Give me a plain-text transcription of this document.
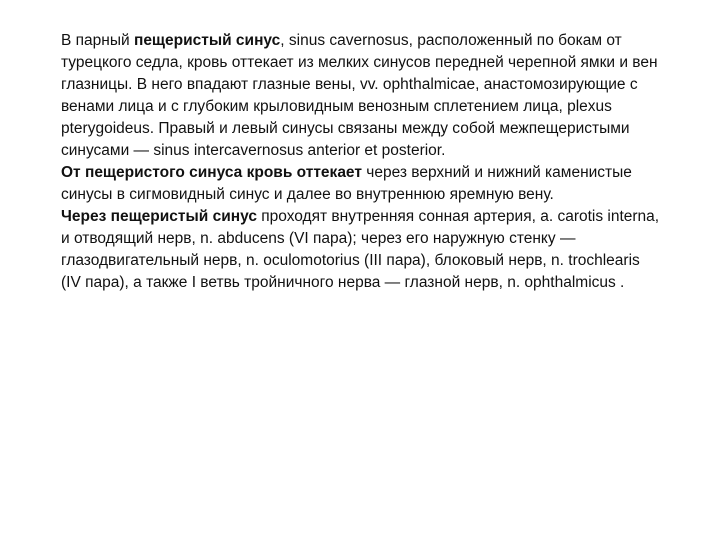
В парный пещеристый синус, sinus cavernosus, расположенный по бокам от турецкого седла, кровь оттекает из мелких синусов передней черепной ямки и вен глазницы. В него впадают глазные вены, vv. ophthalmicae, анастомозирующие с венами лица и с глубоким крыловидным венозным сплетением лица, plexus pterygoideus. Правый и левый синусы связаны между собой межпещеристыми синусами — sinus intercavernosus anterior et posterior.

От пещеристого синуса кровь оттекает через верхний и нижний каменистые синусы в сигмовидный синус и далее во внутреннюю яремную вену.

Через пещеристый синус проходят внутренняя сонная артерия, a. carotis interna, и отводящий нерв, n. abducens (VI пара); через его наружную стенку — глазодвигательный нерв, n. oculomotorius (III пара), блоковый нерв, n. trochlearis (IV пара), а также I ветвь тройничного нерва — глазной нерв, n. ophthalmicus .
